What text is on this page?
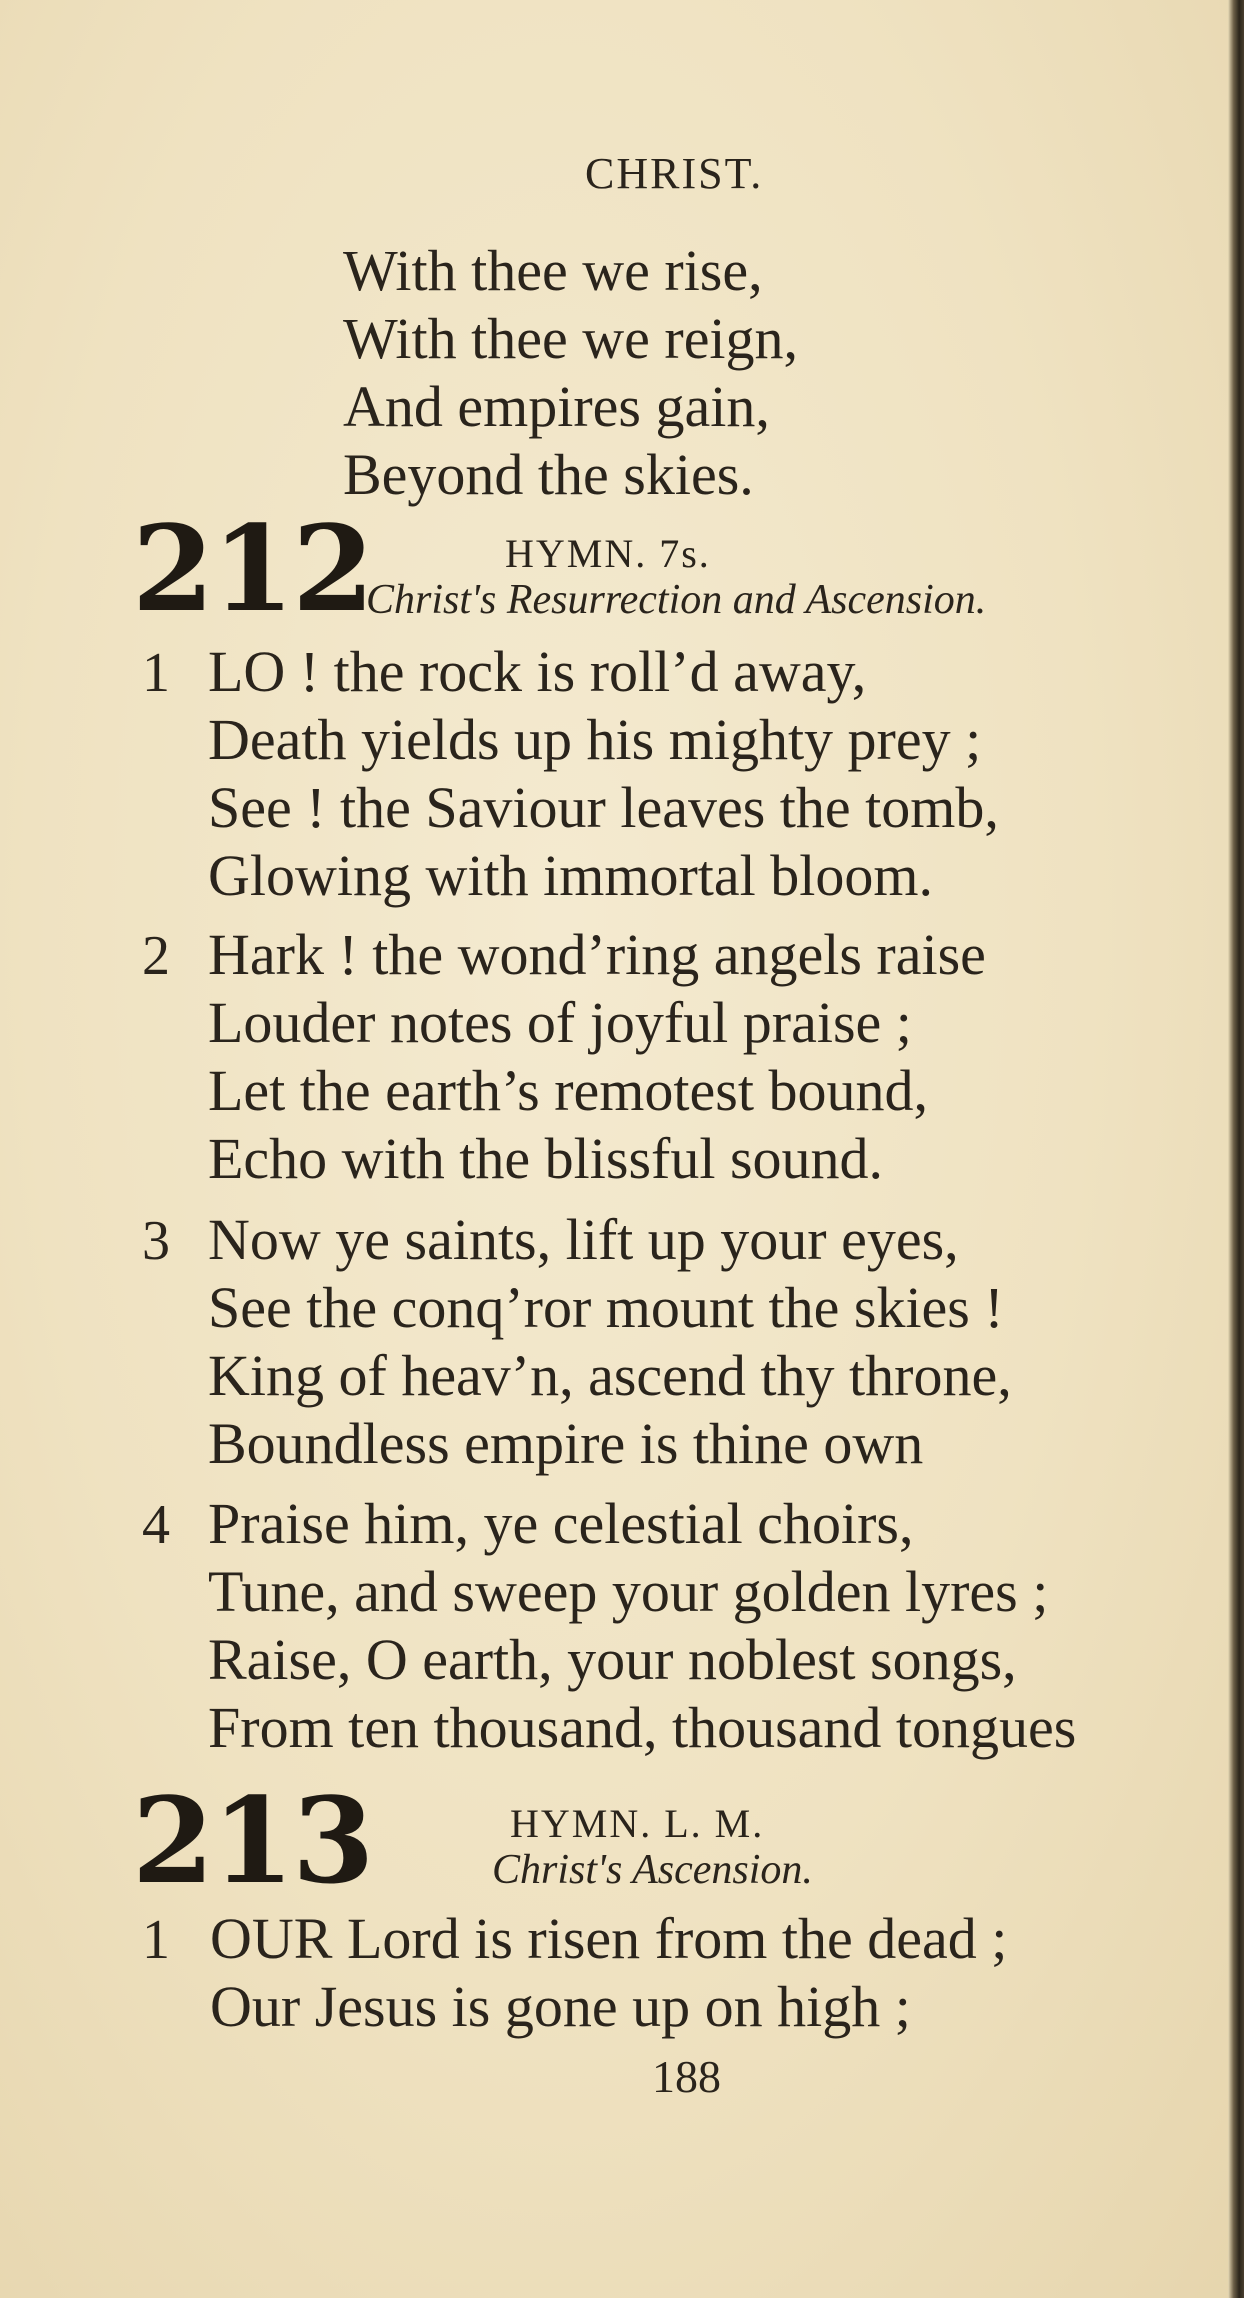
CHRIST.
With thee we rise,
With thee we reign,
And empires gain,
Beyond the skies.
212	HYMN. 7s.
Christ's Resurrection and Ascension.
1 LO ! the rock is roll’d away,
Death yields up his mighty prey ;
See ! the Saviour leaves the tomb,
Glowing with immortal bloom.
2 Hark ! the wond’ring angels raise
Louder notes of joyful praise ;
Let the earth’s remotest bound,
Echo with the blissful sound.
3 Now ye saints, lift up your eyes,
See the conq’ror mount the skies !
King of heav’n, ascend thy throne,
Boundless empire is thine own
4 Praise him, ye celestial choirs,
Tune, and sweep your golden lyres ;
Raise, O earth, your noblest songs,
From ten thousand, thousand tongues
213	HYMN. L. M.
Christ's Ascension.
1 OUR Lord is risen from the dead ;
Our Jesus is gone up on high ;
188
